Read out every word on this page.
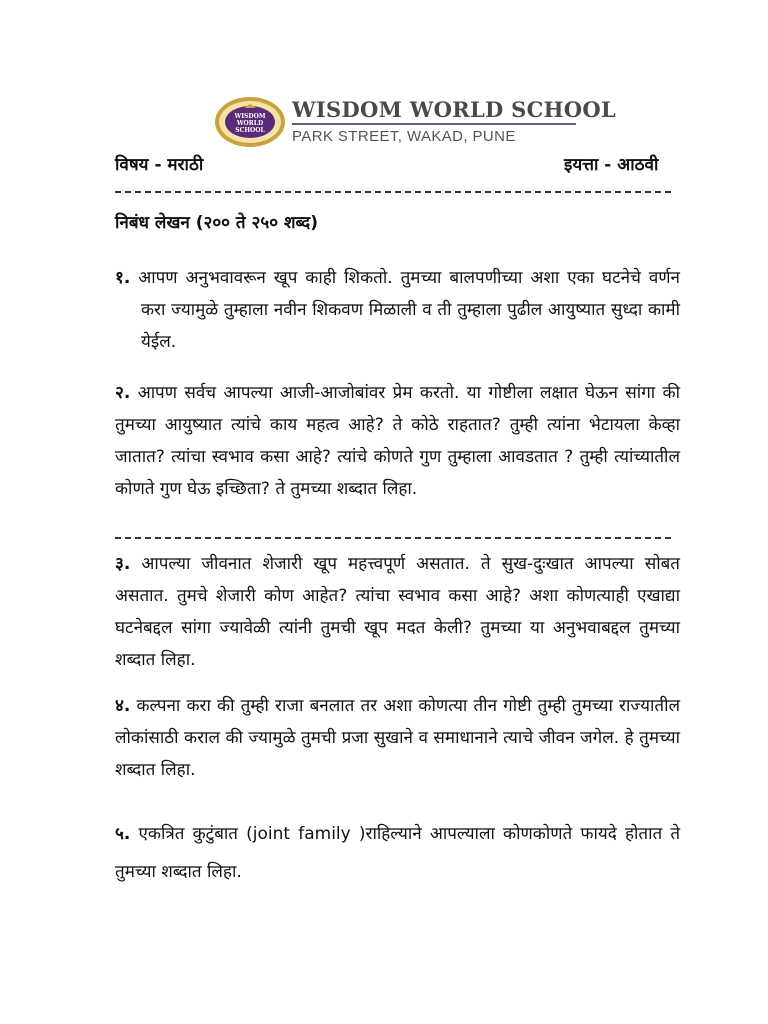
WISDOM
WORLD
SCHOOL
WISDOM WORLD SCHOOL
PARK STREET, WAKAD, PUNE
विषय - मराठी	इयत्ता - आठवी
निबंध लेखन (२०० ते २५० शब्द)
१. आपण अनुभवावरून खूप काही शिकतो. तुमच्या बालपणीच्या अशा एका घटनेचे वर्णन करा ज्यामुळे तुम्हाला नवीन शिकवण मिळाली व ती तुम्हाला पुढील आयुष्यात सुध्दा कामी येईल.
२. आपण सर्वच आपल्या आजी-आजोबांवर प्रेम करतो. या गोष्टीला लक्षात घेऊन सांगा की तुमच्या आयुष्यात त्यांचे काय महत्व आहे? ते कोठे राहतात? तुम्ही त्यांना भेटायला केव्हा जातात? त्यांचा स्वभाव कसा आहे? त्यांचे कोणते गुण तुम्हाला आवडतात ? तुम्ही त्यांच्यातील कोणते गुण घेऊ इच्छिता? ते तुमच्या शब्दात लिहा.
३. आपल्या जीवनात शेजारी खूप महत्त्वपूर्ण असतात. ते सुख-दुःखात आपल्या सोबत असतात. तुमचे शेजारी कोण आहेत? त्यांचा स्वभाव कसा आहे? अशा कोणत्याही एखाद्या घटनेबद्दल सांगा ज्यावेळी त्यांनी तुमची खूप मदत केली? तुमच्या या अनुभवाबद्दल तुमच्या शब्दात लिहा.
४. कल्पना करा की तुम्ही राजा बनलात तर अशा कोणत्या तीन गोष्टी तुम्ही तुमच्या राज्यातील लोकांसाठी कराल की ज्यामुळे तुमची प्रजा सुखाने व समाधानाने त्याचे जीवन जगेल. हे तुमच्या शब्दात लिहा.
५. एकत्रित कुटुंबात (joint family )राहिल्याने आपल्याला कोणकोणते फायदे होतात ते तुमच्या शब्दात लिहा.
